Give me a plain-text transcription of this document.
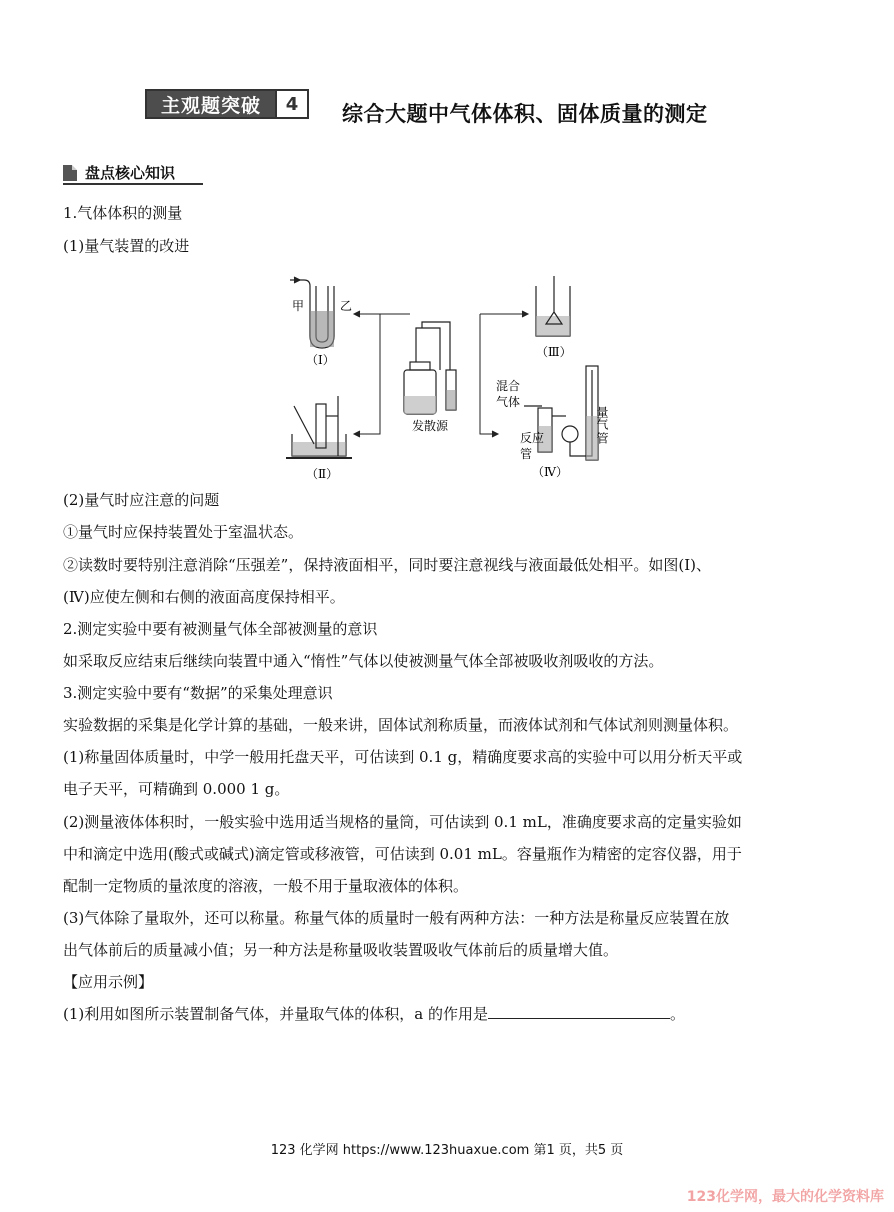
主观题突破	4	综合大题中气体体积、固体质量的测定
盘点核心知识
1.气体体积的测量
(1)量气装置的改进
甲	乙
（Ⅰ）
（Ⅱ）
发散源
（Ⅲ）
混合
气体
反应
管
量气
管
（Ⅳ）
(2)量气时应注意的问题
①量气时应保持装置处于室温状态。
②读数时要特别注意消除“压强差”，保持液面相平，同时要注意视线与液面最低处相平。如图(Ⅰ)、
(Ⅳ)应使左侧和右侧的液面高度保持相平。
2.测定实验中要有被测量气体全部被测量的意识
如采取反应结束后继续向装置中通入“惰性”气体以使被测量气体全部被吸收剂吸收的方法。
3.测定实验中要有“数据”的采集处理意识
实验数据的采集是化学计算的基础，一般来讲，固体试剂称质量，而液体试剂和气体试剂则测量体积。
(1)称量固体质量时，中学一般用托盘天平，可估读到 0.1 g，精确度要求高的实验中可以用分析天平或
电子天平，可精确到 0.000 1 g。
(2)测量液体体积时，一般实验中选用适当规格的量筒，可估读到 0.1 mL，准确度要求高的定量实验如
中和滴定中选用(酸式或碱式)滴定管或移液管，可估读到 0.01 mL。容量瓶作为精密的定容仪器，用于
配制一定物质的量浓度的溶液，一般不用于量取液体的体积。
(3)气体除了量取外，还可以称量。称量气体的质量时一般有两种方法：一种方法是称量反应装置在放
出气体前后的质量减小值；另一种方法是称量吸收装置吸收气体前后的质量增大值。
【应用示例】
(1)利用如图所示装置制备气体，并量取气体的体积，a 的作用是	。
123 化学网 https://www.123huaxue.com 第1 页，共5 页
123化学网，最大的化学资料库
